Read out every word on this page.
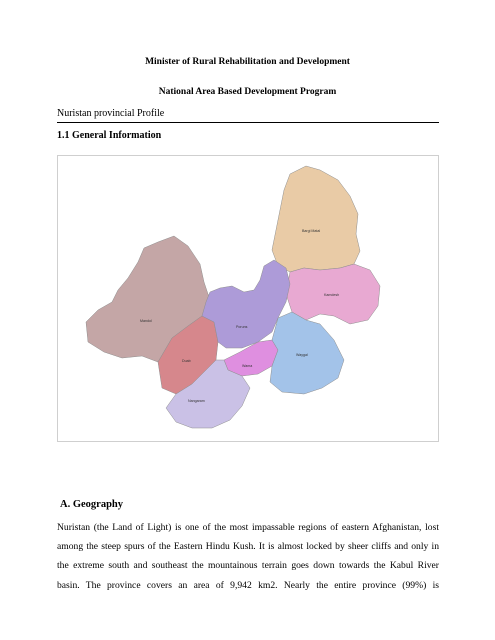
Minister of Rural Rehabilitation and Development
National Area Based Development Program
Nuristan provincial Profile
1.1 General Information
Bargi Matal
Kamdesh
Mandol
Duab
Poruns
Wama
Waygal
Nangaram
A. Geography
Nuristan (the Land of Light) is one of the most impassable regions of eastern Afghanistan, lost
among the steep spurs of the Eastern Hindu Kush. It is almost locked by sheer cliffs and only in
the extreme south and southeast the mountainous terrain goes down towards the Kabul River
basin. The province covers an area of 9,942 km2. Nearly the entire province (99%) is
